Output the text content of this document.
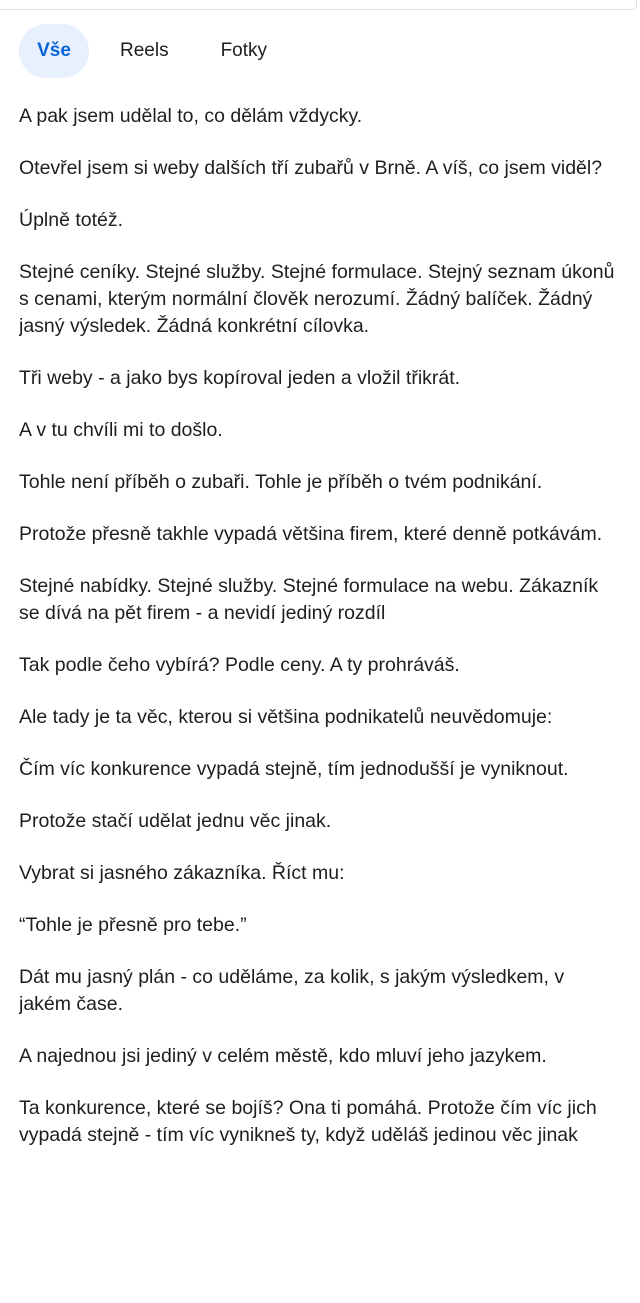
Vše	Reels	Fotky

A pak jsem udělal to, co dělám vždycky.

Otevřel jsem si weby dalších tří zubařů v Brně. A víš, co jsem viděl?

Úplně totéž.

Stejné ceníky. Stejné služby. Stejné formulace. Stejný seznam úkonů s cenami, kterým normální člověk nerozumí. Žádný balíček. Žádný jasný výsledek. Žádná konkrétní cílovka.

Tři weby - a jako bys kopíroval jeden a vložil třikrát.

A v tu chvíli mi to došlo.

Tohle není příběh o zubaři. Tohle je příběh o tvém podnikání.

Protože přesně takhle vypadá většina firem, které denně potkávám.

Stejné nabídky. Stejné služby. Stejné formulace na webu. Zákazník se dívá na pět firem - a nevidí jediný rozdíl

Tak podle čeho vybírá? Podle ceny. A ty prohráváš.

Ale tady je ta věc, kterou si většina podnikatelů neuvědomuje:

Čím víc konkurence vypadá stejně, tím jednodušší je vyniknout.

Protože stačí udělat jednu věc jinak.

Vybrat si jasného zákazníka. Říct mu:

“Tohle je přesně pro tebe.”

Dát mu jasný plán - co uděláme, za kolik, s jakým výsledkem, v jakém čase.

A najednou jsi jediný v celém městě, kdo mluví jeho jazykem.

Ta konkurence, které se bojíš? Ona ti pomáhá. Protože čím víc jich vypadá stejně - tím víc vynikneš ty, když uděláš jedinou věc jinak
